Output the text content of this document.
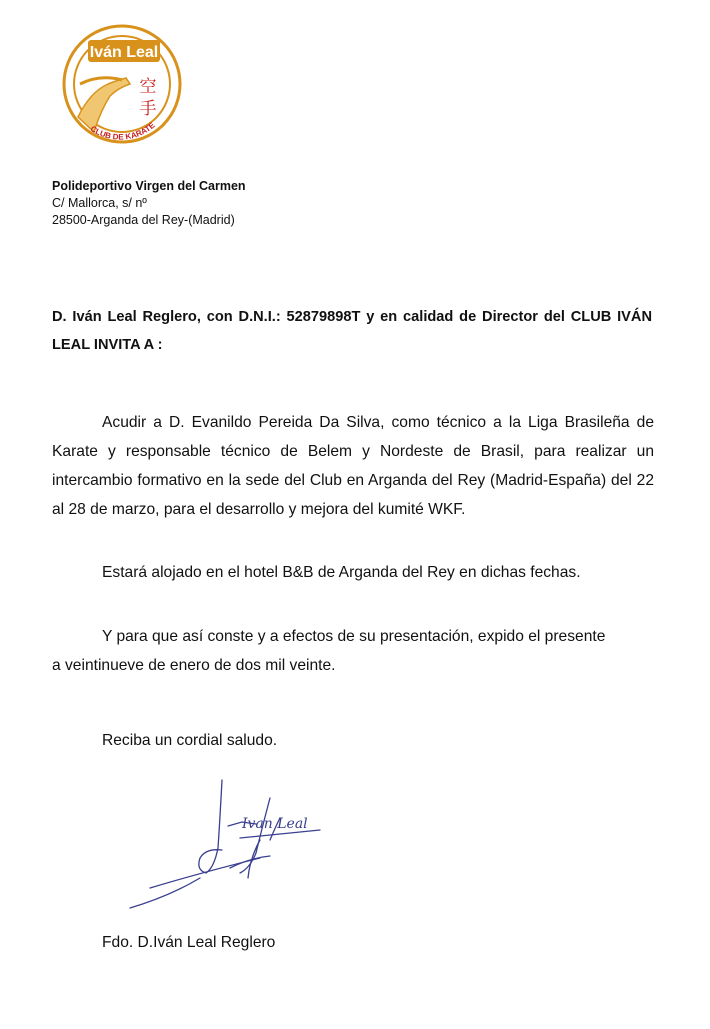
Iván Leal
空
手
CLUB DE KARATE
Polideportivo Virgen del Carmen
C/ Mallorca, s/ nº
28500-Arganda del Rey-(Madrid)
D. Iván Leal Reglero, con D.N.I.: 52879898T y en calidad de Director del CLUB IVÁN LEAL INVITA A :
Acudir a D. Evanildo Pereida Da Silva, como técnico a la Liga Brasileña de Karate y responsable técnico de Belem y Nordeste de Brasil, para realizar un intercambio formativo en la sede del Club en Arganda del Rey (Madrid-España) del 22 al 28 de marzo, para el desarrollo y mejora del kumité WKF.
Estará alojado en el hotel B&B de Arganda del Rey en dichas fechas.
Y para que así conste y a efectos de su presentación, expido el presente
a veintinueve de enero de dos mil veinte.
Reciba un cordial saludo.
Ivan Leal
Fdo. D.Iván Leal Reglero
